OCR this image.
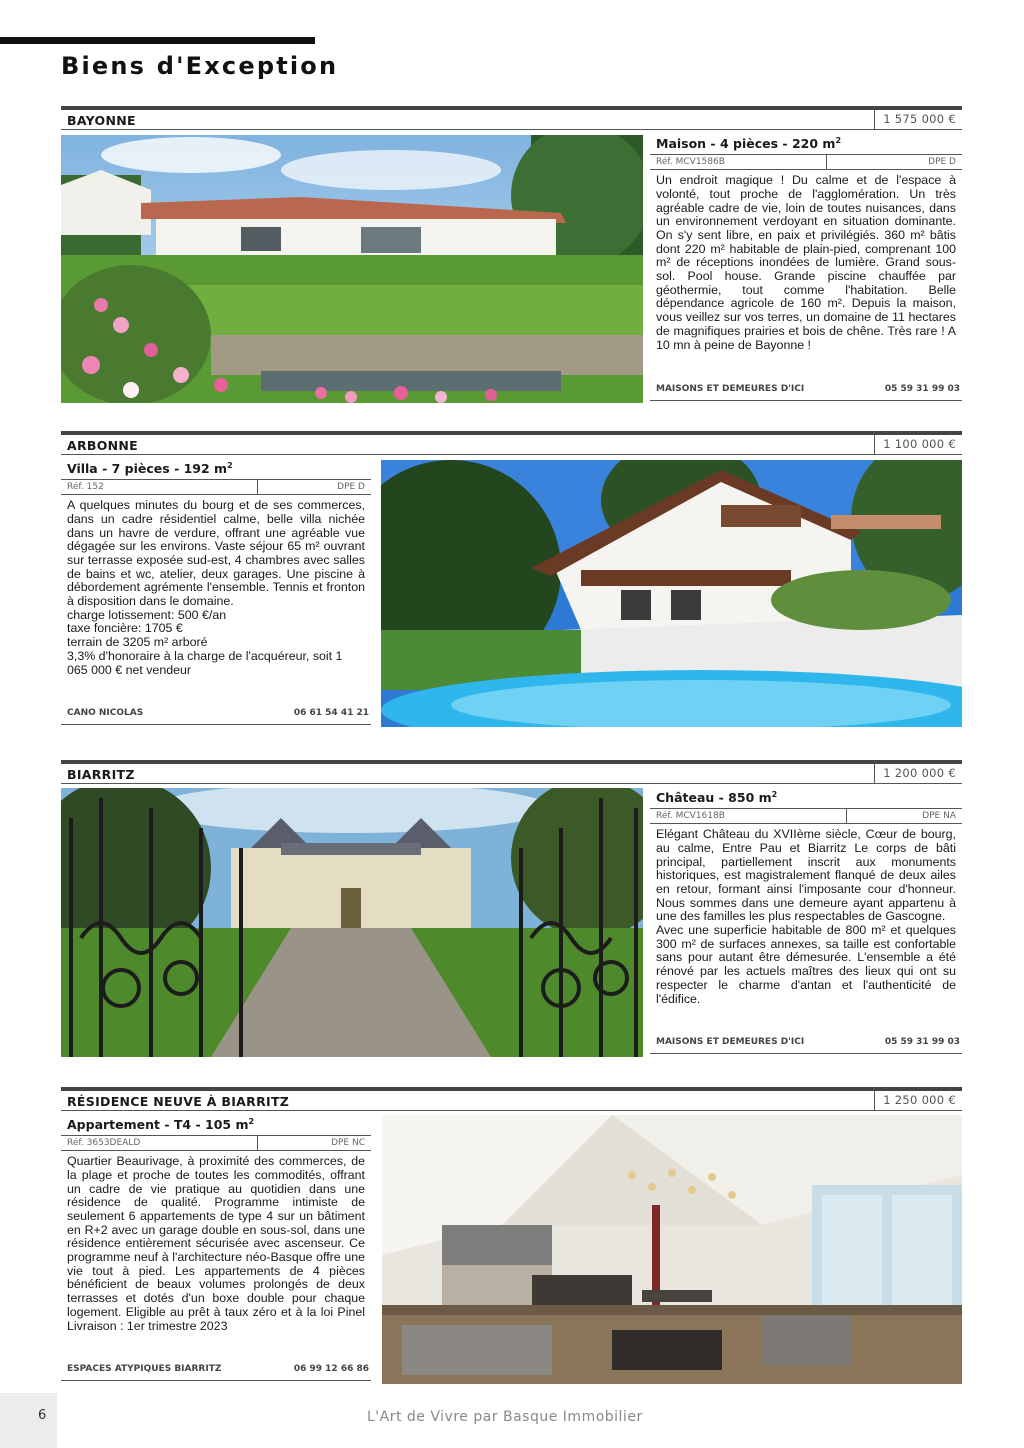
Biens d'Exception
BAYONNE	1 575 000 €
Maison - 4 pièces - 220 $m^2$
Réf. MCV1586B	DPE D

Un endroit magique ! Du calme et de l'espace à volonté, tout proche de l'agglomération. Un très agréable cadre de vie, loin de toutes nuisances, dans un environnement verdoyant en situation dominante. On s'y sent libre, en paix et privilégiés. 360 m² bâtis dont 220 m² habitable de plain-pied, comprenant 100 m² de réceptions inondées de lumière. Grand sous-sol. Pool house. Grande piscine chauffée par géothermie, tout comme l'habitation. Belle dépendance agricole de 160 m². Depuis la maison, vous veillez sur vos terres, un domaine de 11 hectares de magnifiques prairies et bois de chêne. Très rare ! A 10 mn à peine de Bayonne !

MAISONS ET DEMEURES D'ICI	05 59 31 99 03
ARBONNE	1 100 000 €
Villa - 7 pièces - 192 $m^2$
Réf. 152	DPE D

A quelques minutes du bourg et de ses commerces, dans un cadre résidentiel calme, belle villa nichée dans un havre de verdure, offrant une agréable vue dégagée sur les environs. Vaste séjour 65 m² ouvrant sur terrasse exposée sud-est, 4 chambres avec salles de bains et wc, atelier, deux garages. Une piscine à débordement agrémente l'ensemble. Tennis et fronton à disposition dans le domaine.

charge lotissement: 500 €/an

taxe foncière: 1705 €

terrain de 3205 m² arboré

3,3% d'honoraire à la charge de l'acquéreur, soit 1 065 000 € net vendeur

CANO NICOLAS	06 61 54 41 21
BIARRITZ	1 200 000 €
Château - 850 $m^2$
Réf. MCV1618B	DPE NA

Elégant Château du XVIIème siècle, Cœur de bourg, au calme, Entre Pau et Biarritz Le corps de bâti principal, partiellement inscrit aux monuments historiques, est magistralement flanqué de deux ailes en retour, formant ainsi l'imposante cour d'honneur. Nous sommes dans une demeure ayant appartenu à une des familles les plus respectables de Gascogne.

Avec une superficie habitable de 800 m² et quelques 300 m² de surfaces annexes, sa taille est confortable sans pour autant être démesurée. L'ensemble a été rénové par les actuels maîtres des lieux qui ont su respecter le charme d'antan et l'authenticité de l'édifice.

MAISONS ET DEMEURES D'ICI	05 59 31 99 03
RÉSIDENCE NEUVE À BIARRITZ	1 250 000 €
Appartement - T4 - 105 $m^2$
Réf. 3653DEALD	DPE NC

Quartier Beaurivage, à proximité des commerces, de la plage et proche de toutes les commodités, offrant un cadre de vie pratique au quotidien dans une résidence de qualité. Programme intimiste de seulement 6 appartements de type 4 sur un bâtiment en R+2 avec un garage double en sous-sol, dans une résidence entièrement sécurisée avec ascenseur. Ce programme neuf à l'architecture néo-Basque offre une vie tout à pied. Les appartements de 4 pièces bénéficient de beaux volumes prolongés de deux terrasses et dotés d'un boxe double pour chaque logement. Eligible au prêt à taux zéro et à la loi Pinel Livraison : 1er trimestre 2023

ESPACES ATYPIQUES BIARRITZ	06 99 12 66 86
6	L'Art de Vivre par Basque Immobilier
